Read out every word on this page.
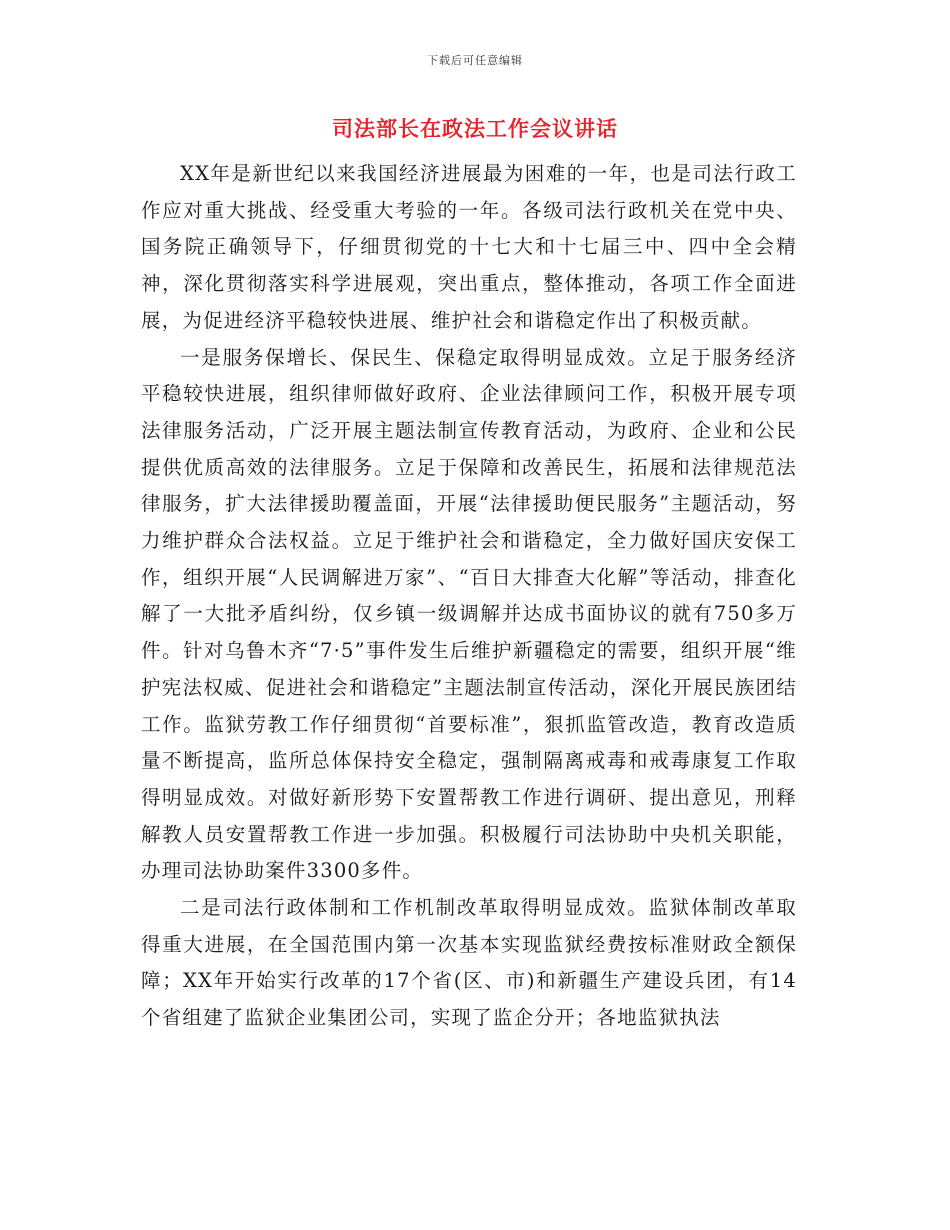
下载后可任意编辑
司法部长在政法工作会议讲话

XX年是新世纪以来我国经济进展最为困难的一年，也是司法行政工作应对重大挑战、经受重大考验的一年。各级司法行政机关在党中央、国务院正确领导下，仔细贯彻党的十七大和十七届三中、四中全会精神，深化贯彻落实科学进展观，突出重点，整体推动，各项工作全面进展，为促进经济平稳较快进展、维护社会和谐稳定作出了积极贡献。

一是服务保增长、保民生、保稳定取得明显成效。立足于服务经济平稳较快进展，组织律师做好政府、企业法律顾问工作，积极开展专项法律服务活动，广泛开展主题法制宣传教育活动，为政府、企业和公民提供优质高效的法律服务。立足于保障和改善民生，拓展和法律规范法律服务，扩大法律援助覆盖面，开展“法律援助便民服务”主题活动，努力维护群众合法权益。立足于维护社会和谐稳定，全力做好国庆安保工作，组织开展“人民调解进万家”、“百日大排查大化解”等活动，排查化解了一大批矛盾纠纷，仅乡镇一级调解并达成书面协议的就有750多万件。针对乌鲁木齐“7·5”事件发生后维护新疆稳定的需要，组织开展“维护宪法权威、促进社会和谐稳定”主题法制宣传活动，深化开展民族团结工作。监狱劳教工作仔细贯彻“首要标准”，狠抓监管改造，教育改造质量不断提高，监所总体保持安全稳定，强制隔离戒毒和戒毒康复工作取得明显成效。对做好新形势下安置帮教工作进行调研、提出意见，刑释解教人员安置帮教工作进一步加强。积极履行司法协助中央机关职能，办理司法协助案件3300多件。

二是司法行政体制和工作机制改革取得明显成效。监狱体制改革取得重大进展，在全国范围内第一次基本实现监狱经费按标准财政全额保障；XX年开始实行改革的17个省(区、市)和新疆生产建设兵团，有14个省组建了监狱企业集团公司，实现了监企分开；各地监狱执法
